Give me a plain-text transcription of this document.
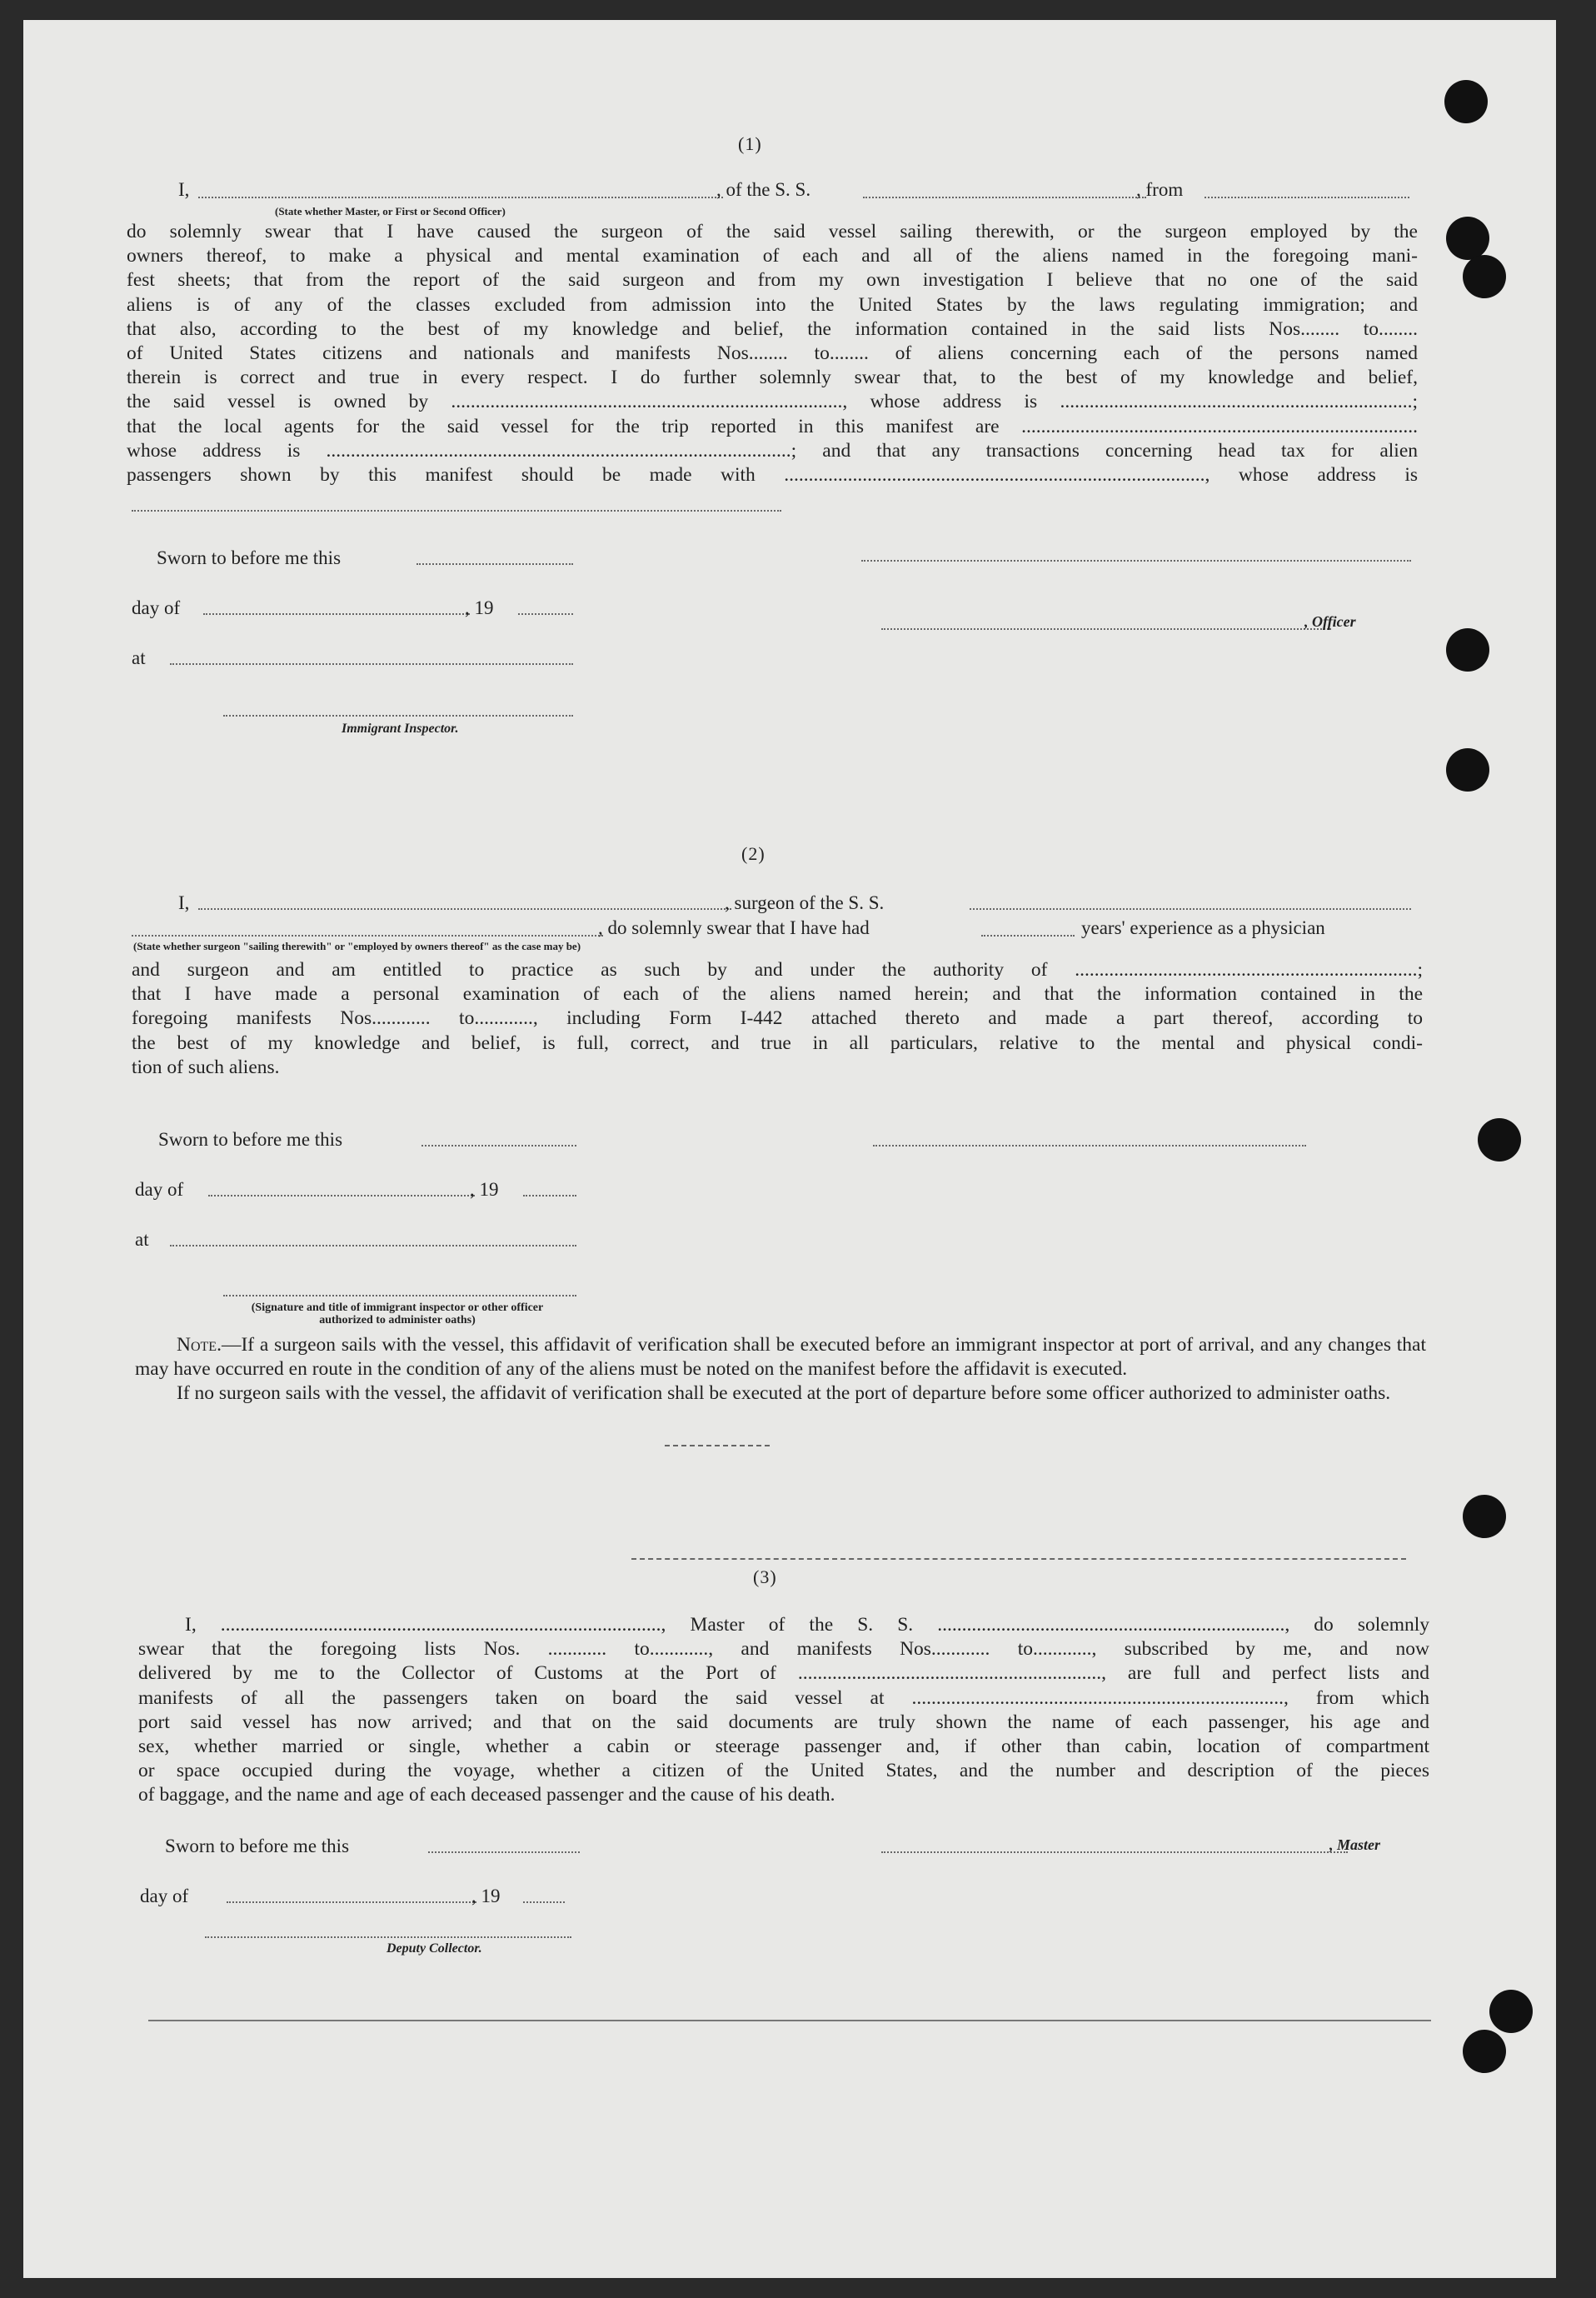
(1)
I,	, of the S. S.	, from
(State whether Master, or First or Second Officer)
do solemnly swear that I have caused the surgeon of the said vessel sailing therewith, or the surgeon employed by the
owners thereof, to make a physical and mental examination of each and all of the aliens named in the foregoing mani-
fest sheets; that from the report of the said surgeon and from my own investigation I believe that no one of the said
aliens is of any of the classes excluded from admission into the United States by the laws regulating immigration; and
that also, according to the best of my knowledge and belief, the information contained in the said lists Nos........ to........
of United States citizens and nationals and manifests Nos........ to........ of aliens concerning each of the persons named
therein is correct and true in every respect. I do further solemnly swear that, to the best of my knowledge and belief,
the said vessel is owned by ................................................................................, whose address is ........................................................................;
that the local agents for the said vessel for the trip reported in this manifest are .................................................................................
whose address is ...............................................................................................; and that any transactions concerning head tax for alien
passengers shown by this manifest should be made with ......................................................................................, whose address is
Sworn to before me this
day of	, 19
, Officer
at
Immigrant Inspector.
(2)
I,	, surgeon of the S. S.
, do solemnly swear that I have had	years' experience as a physician
(State whether surgeon "sailing therewith" or "employed by owners thereof" as the case may be)
and surgeon and am entitled to practice as such by and under the authority of ......................................................................;
that I have made a personal examination of each of the aliens named herein; and that the information contained in the
foregoing manifests Nos............ to............, including Form I-442 attached thereto and made a part thereof, according to
the best of my knowledge and belief, is full, correct, and true in all particulars, relative to the mental and physical condi-
tion of such aliens.
Sworn to before me this
day of	, 19
at
(Signature and title of immigrant inspector or other officer authorized to administer oaths)
Note.—If a surgeon sails with the vessel, this affidavit of verification shall be executed before an immigrant inspector at port of arrival, and any changes that may have occurred en route in the condition of any of the aliens must be noted on the manifest before the affidavit is executed.
If no surgeon sails with the vessel, the affidavit of verification shall be executed at the port of departure before some officer authorized to administer oaths.
(3)
I, .........................................................................................., Master of the S. S. ......................................................................., do solemnly
swear that the foregoing lists Nos. ............ to............, and manifests Nos............ to............, subscribed by me, and now
delivered by me to the Collector of Customs at the Port of .............................................................., are full and perfect lists and
manifests of all the passengers taken on board the said vessel at ............................................................................, from which
port said vessel has now arrived; and that on the said documents are truly shown the name of each passenger, his age and
sex, whether married or single, whether a cabin or steerage passenger and, if other than cabin, location of compartment
or space occupied during the voyage, whether a citizen of the United States, and the number and description of the pieces
of baggage, and the name and age of each deceased passenger and the cause of his death.
Sworn to before me this	, Master
day of	, 19
Deputy Collector.
